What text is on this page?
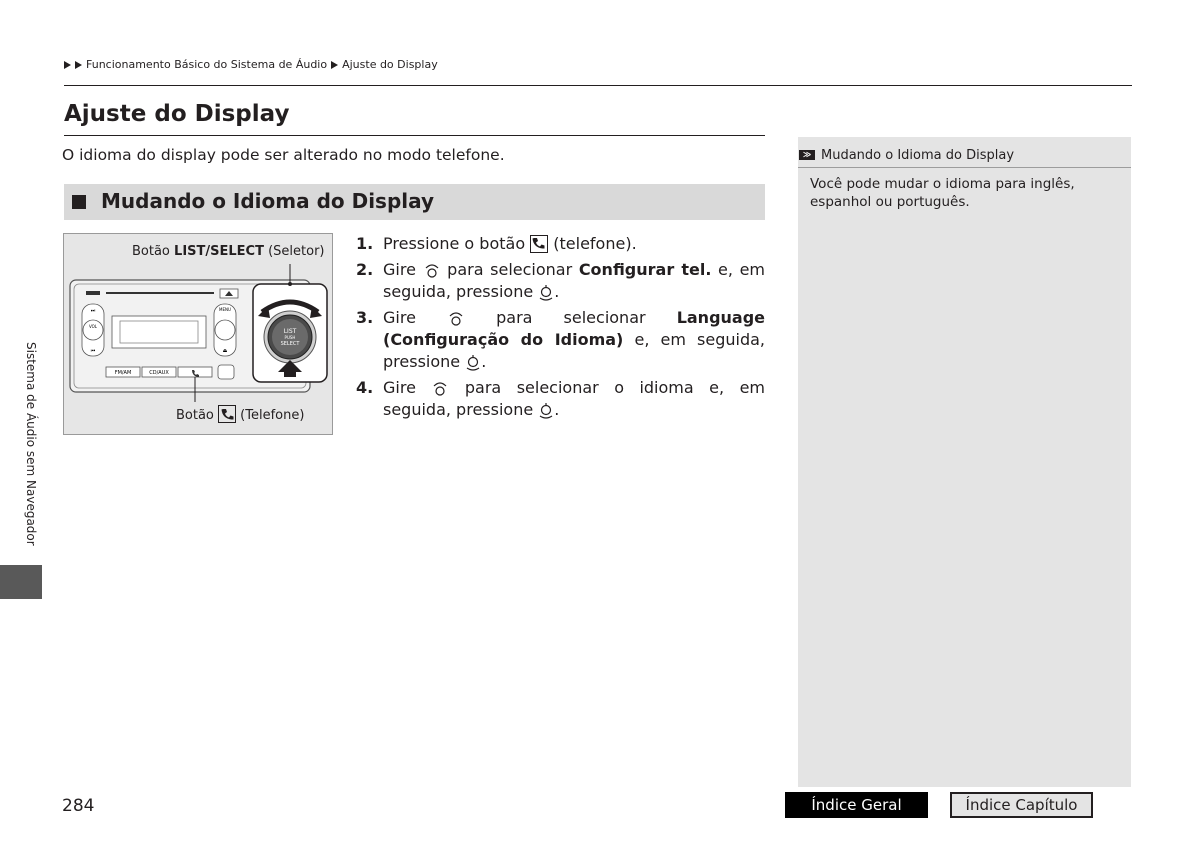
Funcionamento Básico do Sistema de Áudio Ajuste do Display
Ajuste do Display
O idioma do display pode ser alterado no modo telefone.
Mudando o Idioma do Display
Botão LIST/SELECT (Seletor)
VOL
⏭
⏮
MENU
⏏
FM/AM	CD/AUX
LIST
PUSH
SELECT
Botão
(Telefone)
1. Pressione o botão
(telefone).
2. Gire  para selecionar Configurar tel. e, em seguida, pressione .
3. Gire  para selecionar Language (Configuração do Idioma) e, em seguida, pressione .
4. Gire  para selecionar o idioma e, em seguida, pressione .
≫ Mudando o Idioma do Display
Você pode mudar o idioma para inglês, espanhol ou português.
Sistema de Áudio sem Navegador
284	Índice Geral	Índice Capítulo
